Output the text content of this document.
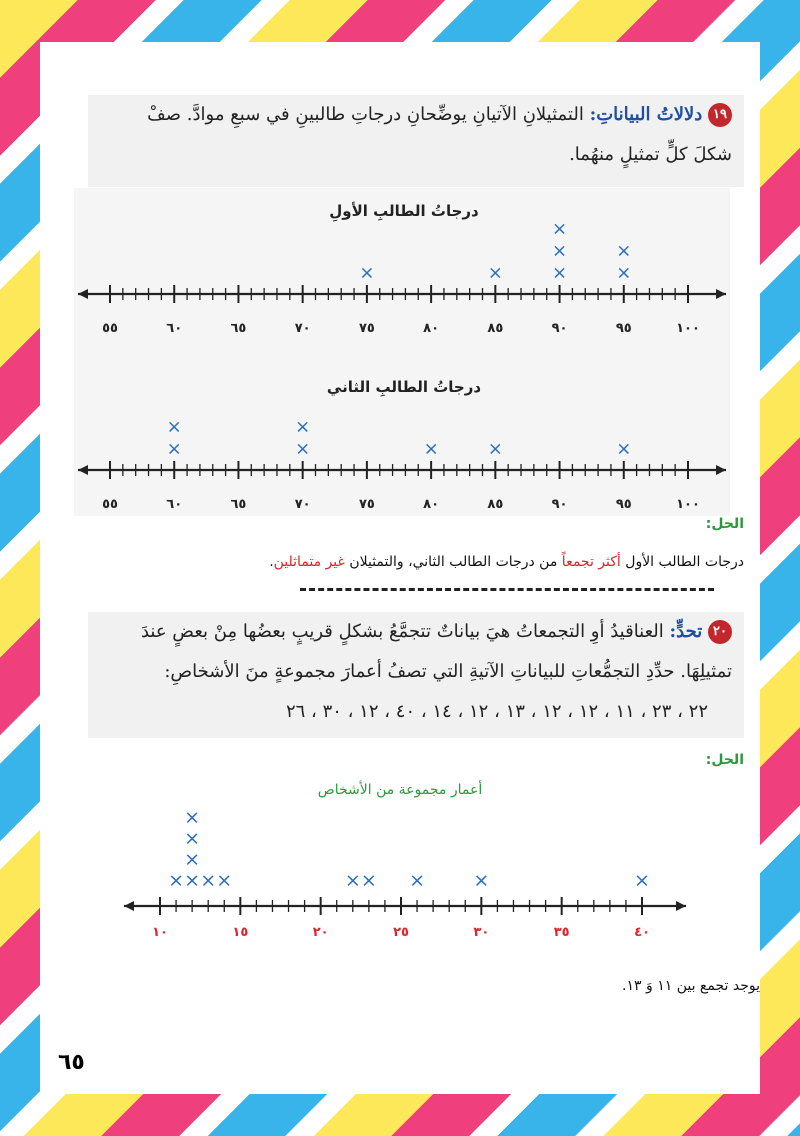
١٩ دلالاتُ البياناتِ: التمثيلانِ الآتيانِ يوضِّحانِ درجاتِ طالبينِ في سبعِ موادَّ. صفْ
شكلَ كلٍّ تمثيلٍ منهُما.
درجاتُ الطالبِ الأولِ
٥٥	٦٠	٦٥	٧٠	٧٥	٨٠	٨٥	٩٠	٩٥	١٠٠
×	×	×
×
×
×
×
درجاتُ الطالبِ الثاني
٥٥	٦٠	٦٥	٧٠	٧٥	٨٠	٨٥	٩٠	٩٥	١٠٠
×
×
×
×
×	×	×
الحل:
درجات الطالب الأول أكثر تجمعاً من درجات الطالب الثاني، والتمثيلان غير متماثلين.
٢٠ تحدٍّ: العناقيدُ أوِ التجمعاتُ هيَ بياناتٌ تتجمَّعُ بشكلٍ قريبٍ بعضُها مِنْ بعضٍ عندَ
تمثيلِهَا. حدِّدِ التجمُّعاتِ للبياناتِ الآتيةِ التي تصفُ أعمارَ مجموعةٍ منَ الأشخاصِ:
٢٢ ، ٢٣ ، ١١ ، ١٢ ، ١٢ ، ١٣ ، ١٢ ، ١٤ ، ٤٠ ، ١٢ ، ٣٠ ، ٢٦
الحل:
أعمار مجموعة من الأشخاص
١٠	١٥	٢٠	٢٥	٣٠	٣٥	٤٠
× ×
×
×
×
× ×	× × ×	×	×
يوجد تجمع بين ١١ وَ ١٣.
٦٥
